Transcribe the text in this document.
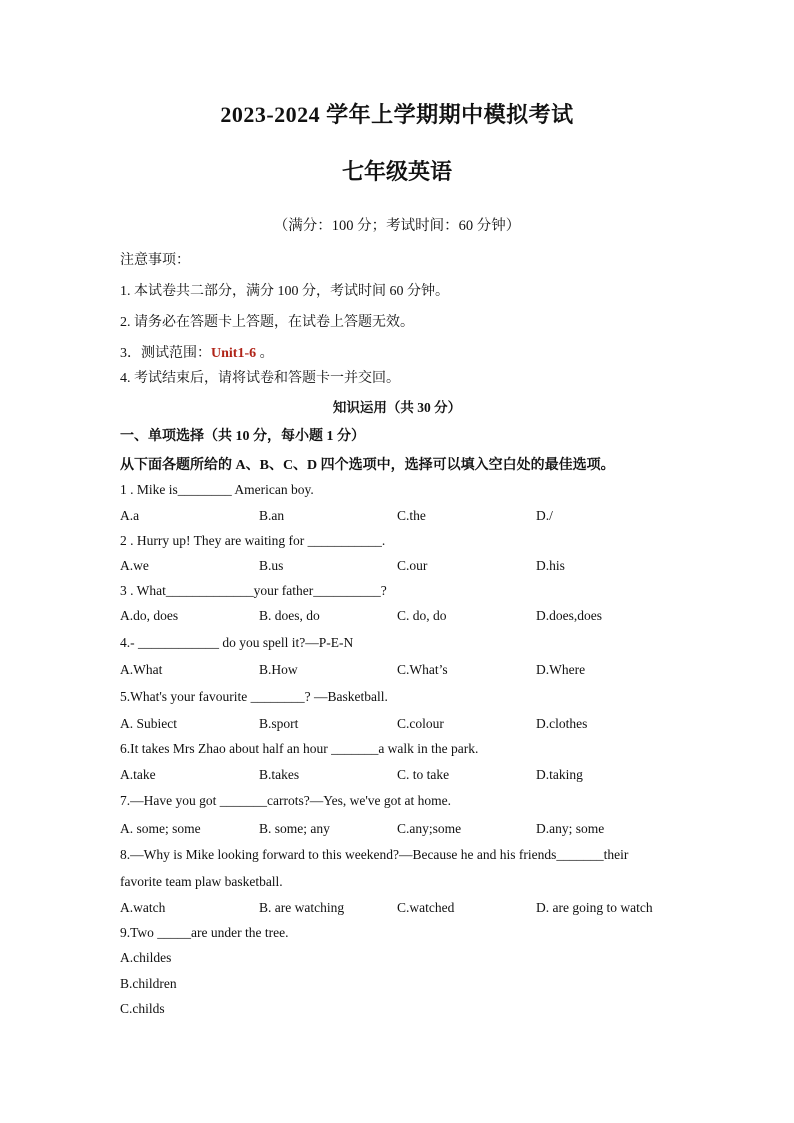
2023-2024 学年上学期期中模拟考试
七年级英语
（满分：100 分；考试时间：60 分钟）
注意事项：
1. 本试卷共二部分，满分 100 分，考试时间 60 分钟。
2. 请务必在答题卡上答题，在试卷上答题无效。
3．测试范围：Unit1-6 。
4. 考试结束后，请将试卷和答题卡一并交回。
知识运用（共 30 分）
一、单项选择（共 10 分，每小题 1 分）
从下面各题所给的 A、B、C、D 四个选项中，选择可以填入空白处的最佳选项。
1 . Mike is________ American boy.
A.a	B.an	C.the	D./
2 . Hurry up! They are waiting for ___________.
A.we	B.us	C.our	D.his
3 . What_____________your father__________?
A.do, does	B. does, do	C. do, do	D.does,does
4.- ____________ do you spell it?—P-E-N
A.What	B.How	C.What’s	D.Where
5.What's your favourite ________? —Basketball.
A. Subiect	B.sport	C.colour	D.clothes
6.It takes Mrs Zhao about half an hour _______a walk in the park.
A.take	B.takes	C. to take	D.taking
7.—Have you got _______carrots?—Yes, we've got at home.
A. some; some	B. some; any	C.any;some	D.any; some
8.—Why is Mike looking forward to this weekend?—Because he and his friends_______their
favorite team plaw basketball.
A.watch	B. are watching	C.watched	D. are going to watch
9.Two _____are under the tree.
A.childes
B.children
C.childs
